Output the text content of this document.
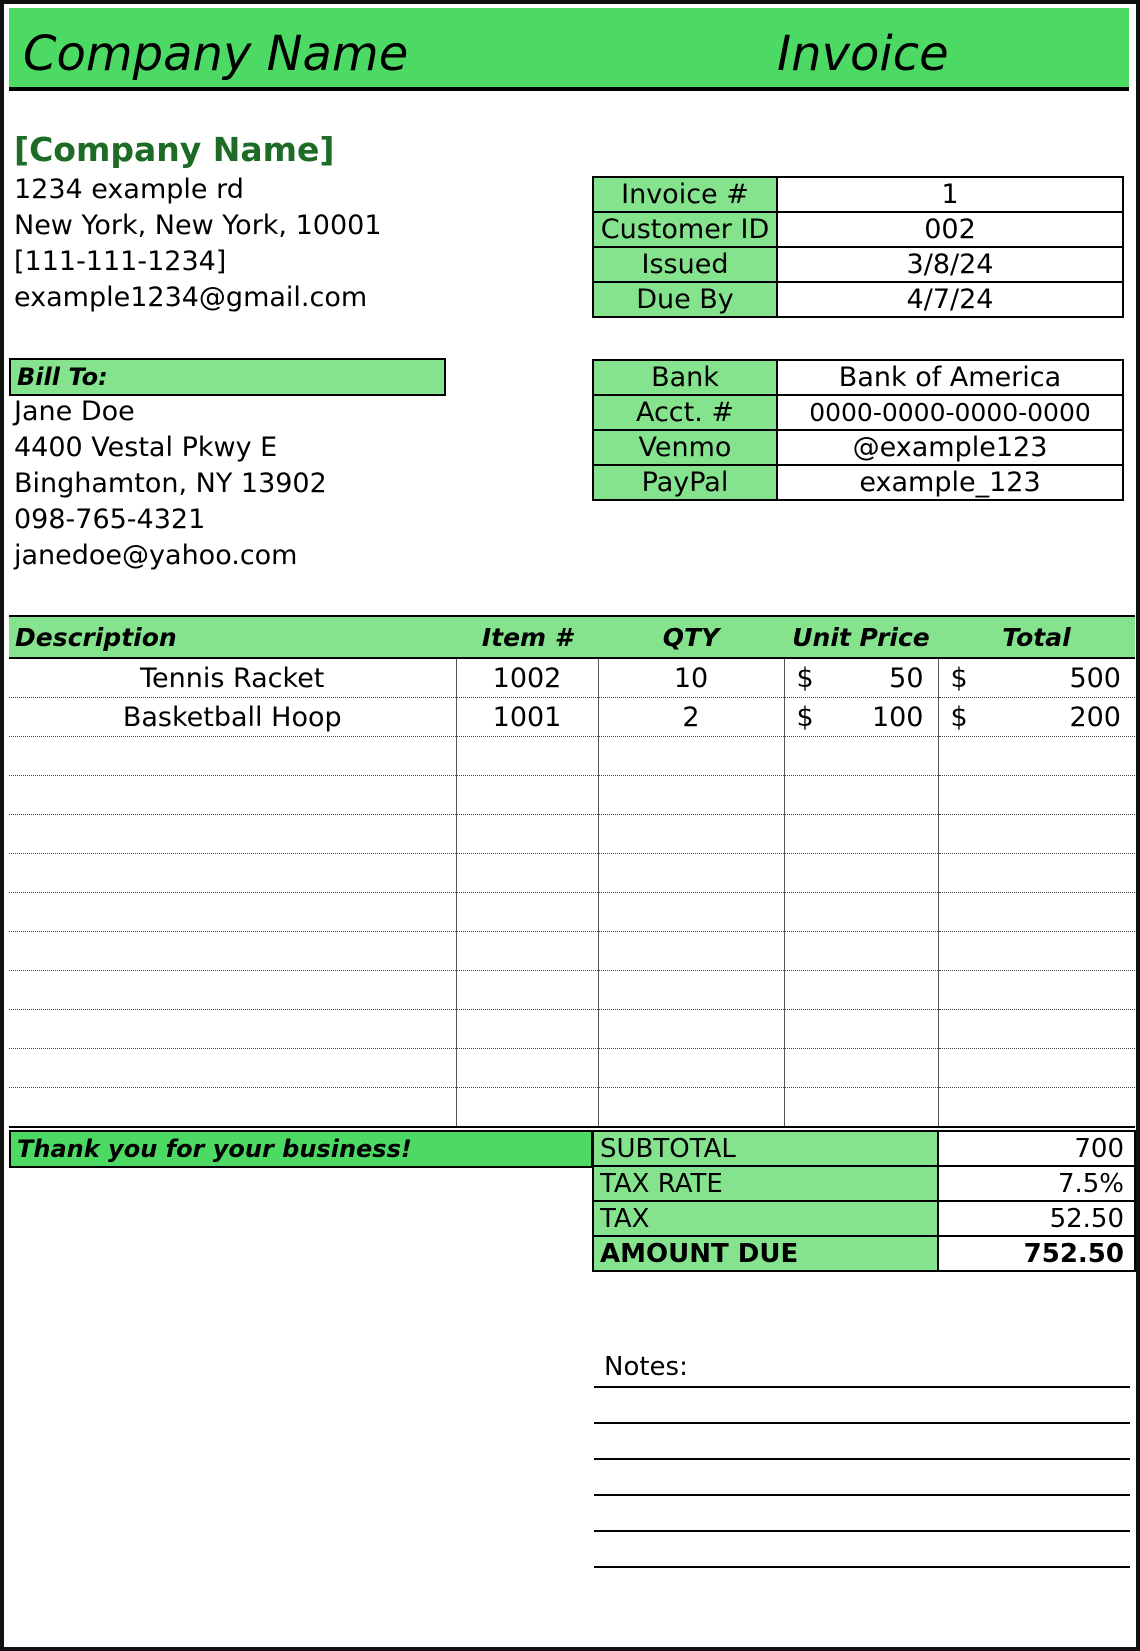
Company Name	Invoice
[Company Name]
1234 example rd
New York, New York, 10001
[111-111-1234]
example1234@gmail.com
Invoice #	1
Customer ID	002
Issued	3/8/24
Due By	4/7/24
Bill To:
Jane Doe
4400 Vestal Pkwy E
Binghamton, NY 13902
098-765-4321
janedoe@yahoo.com
Bank	Bank of America
Acct. #	0000-0000-0000-0000
Venmo	@example123
PayPal	example_123
Description	Item #	QTY	Unit Price	Total
Tennis Racket	1002	10	$ 50	$ 500

Basketball Hoop	1001	2	$ 100	$ 200

Thank you for your business!	SUBTOTAL	700
TAX RATE	7.5%
TAX	52.50
AMOUNT DUE	752.50
Notes:
